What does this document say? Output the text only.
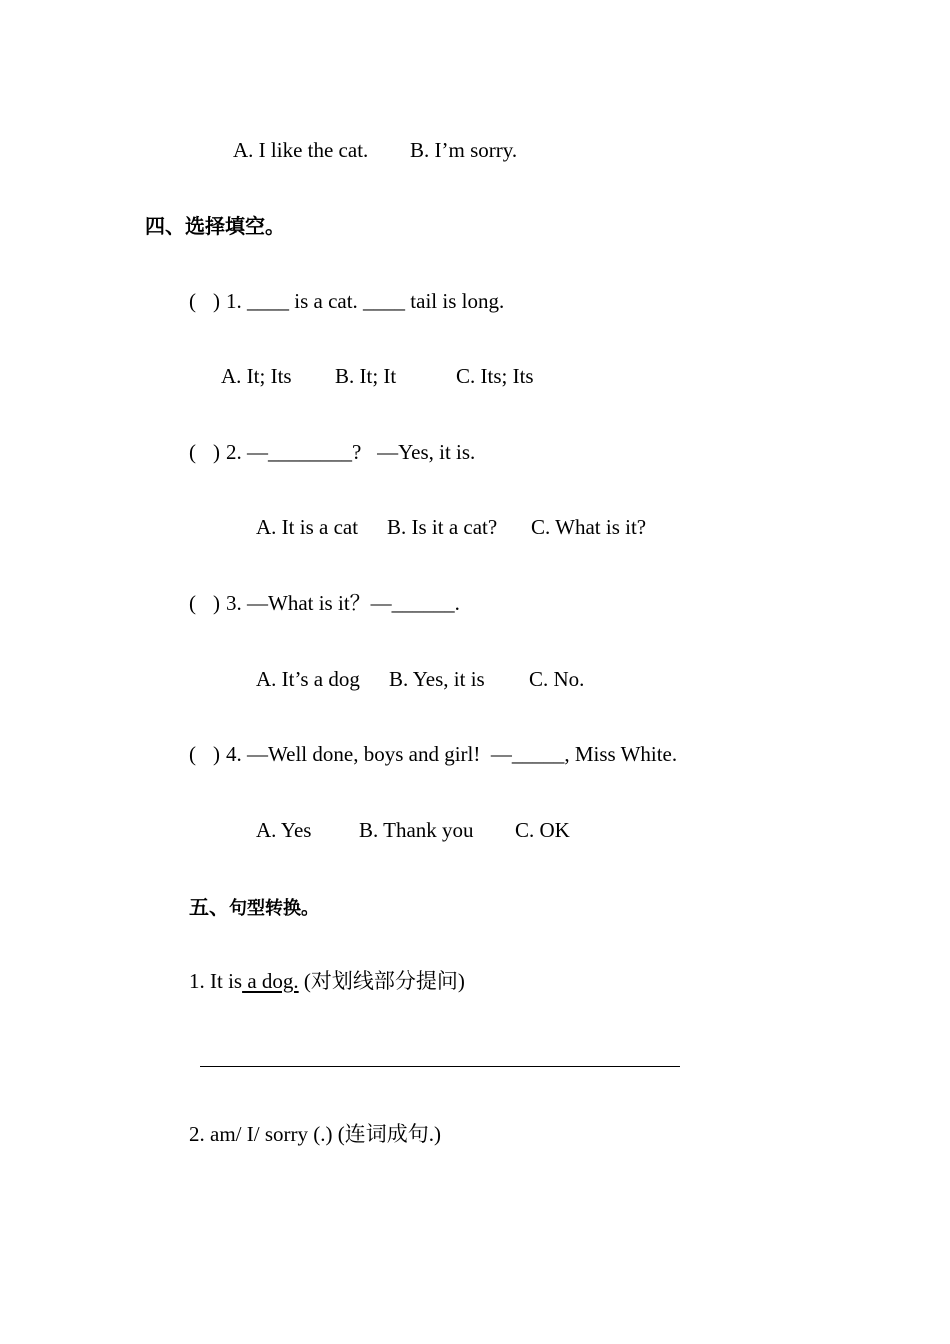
A. I like the cat. B. I’m sorry.
四、选择填空。
( ) 1. ____ is a cat. ____ tail is long.
A. It; Its B. It; It	C. Its; Its
( ) 2. —________?   —Yes, it is.
A. It is a cat B. Is it a cat? C. What is it?
( ) 3. —What is it？—______.
A. It’s a dog B. Yes, it is C. No.
( ) 4. —Well done, boys and girl!  —_____, Miss White.
A. Yes B. Thank you C. OK
五、句型转换。
1. It is a dog. (对划线部分提问)
2. am/ I/ sorry (.) (连词成句.)
